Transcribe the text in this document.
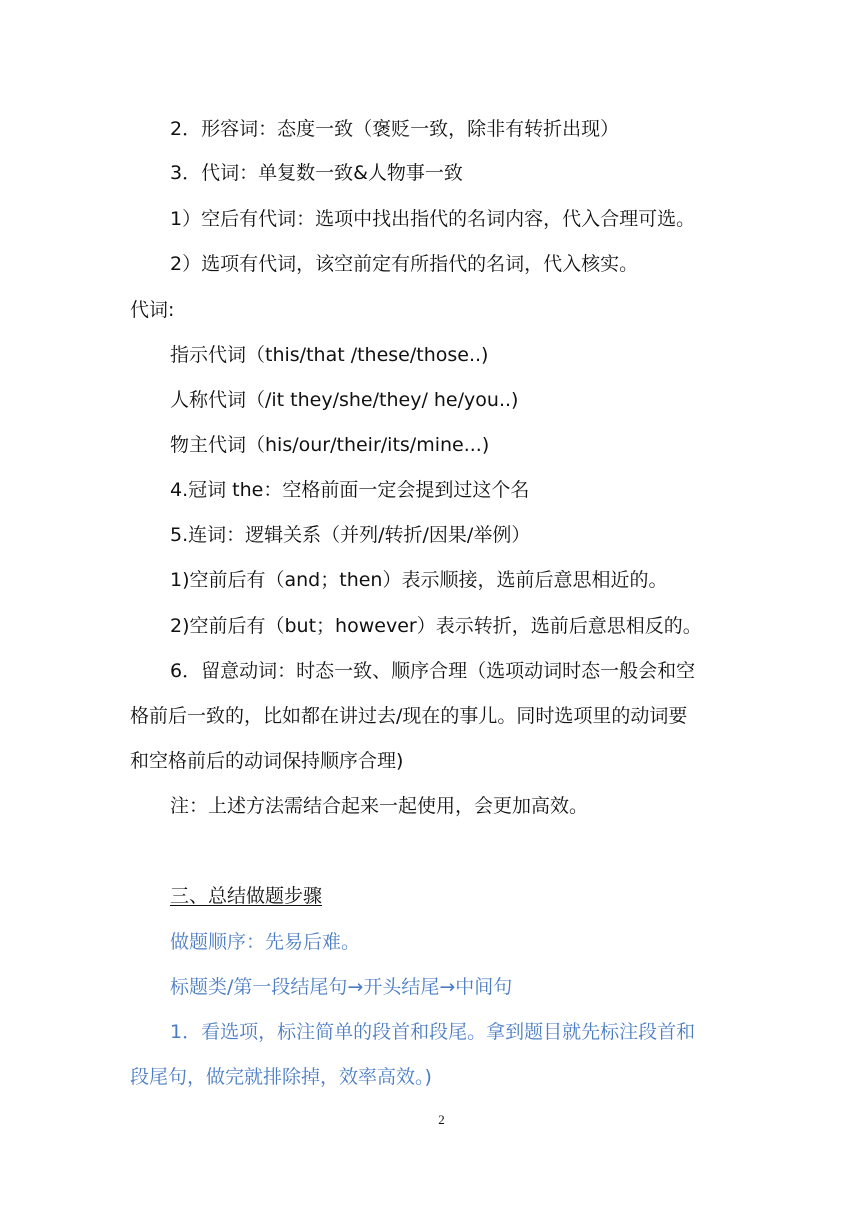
2．形容词：态度一致（褒贬一致，除非有转折出现）
3．代词：单复数一致&人物事一致
1）空后有代词：选项中找出指代的名词内容，代入合理可选。
2）选项有代词，该空前定有所指代的名词，代入核实。
代词:
指示代词（this/that /these/those..)
人称代词（/it they/she/they/ he/you..)
物主代词（his/our/their/its/mine...)
4.冠词 the：空格前面一定会提到过这个名
5.连词：逻辑关系（并列/转折/因果/举例）
1)空前后有（and；then）表示顺接，选前后意思相近的。
2)空前后有（but；however）表示转折，选前后意思相反的。
6．留意动词：时态一致、顺序合理（选项动词时态一般会和空
格前后一致的，比如都在讲过去/现在的事儿。同时选项里的动词要
和空格前后的动词保持顺序合理)
注：上述方法需结合起来一起使用，会更加高效。
三、总结做题步骤
做题顺序：先易后难。
标题类/第一段结尾句→开头结尾→中间句
1．看选项，标注简单的段首和段尾。拿到题目就先标注段首和
段尾句，做完就排除掉，效率高效。)
2
